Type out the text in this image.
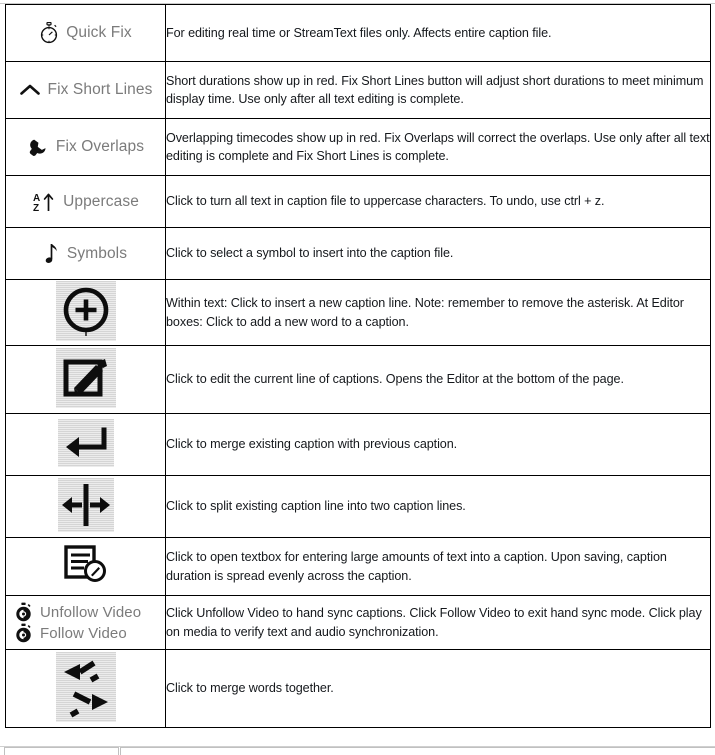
Quick Fix	For editing real time or StreamText files only. Affects entire caption file.

Fix Short Lines	Short durations show up in red. Fix Short Lines button will adjust short durations to meet minimum display time. Use only after all text editing is complete.

Fix Overlaps	Overlapping timecodes show up in red. Fix Overlaps will correct the overlaps. Use only after all text editing is complete and Fix Short Lines is complete.

A
Z Uppercase	Click to turn all text in caption file to uppercase characters. To undo, use ctrl + z.

Symbols	Click to select a symbol to insert into the caption file.

Within text: Click to insert a new caption line. Note: remember to remove the asterisk. At Editor boxes: Click to add a new word to a caption.

Click to edit the current line of captions. Opens the Editor at the bottom of the page.

Click to merge existing caption with previous caption.

Click to split existing caption line into two caption lines.

Click to open textbox for entering large amounts of text into a caption. Upon saving, caption duration is spread evenly across the caption.

Unfollow Video
Follow Video	Click Unfollow Video to hand sync captions. Click Follow Video to exit hand sync mode. Click play on media to verify text and audio synchronization.

Click to merge words together.
